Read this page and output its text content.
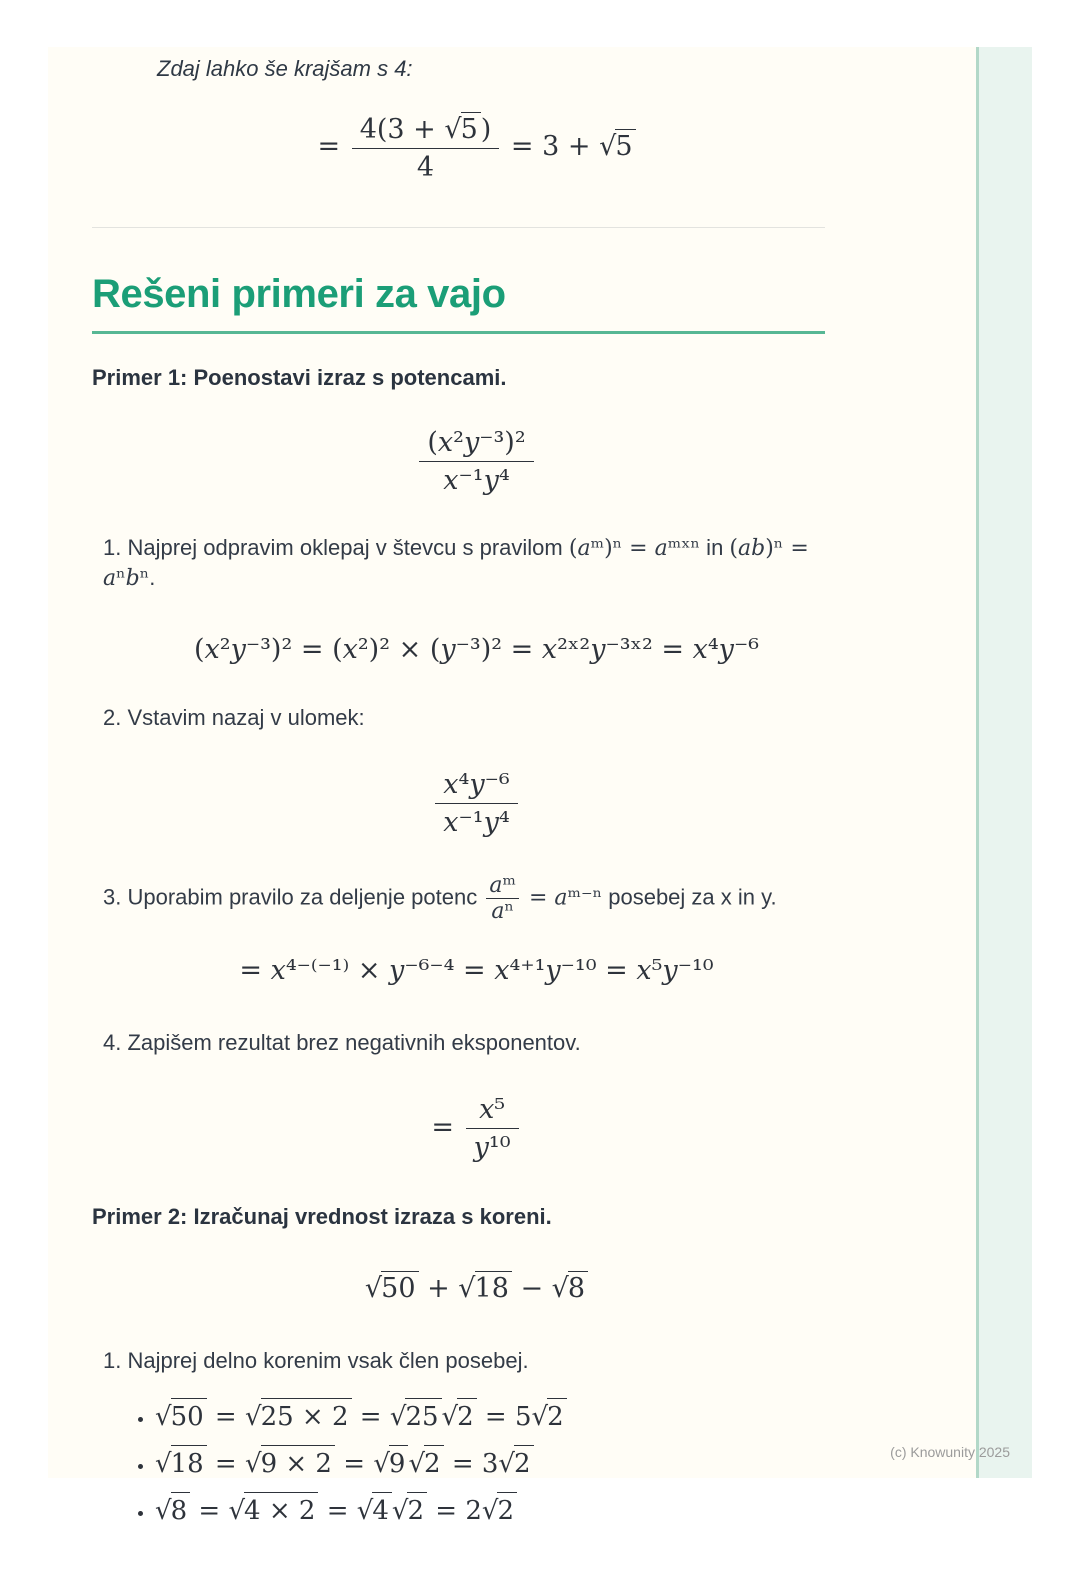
Zdaj lahko še krajšam s 4:

= $\frac{4(3 + √5 )}{4} = 3 + √5$
Rešeni primeri za vajo

Primer 1: Poenostavi izraz s potencami.

$\frac{\text{(x²y⁻³)²}}{\text{x⁻¹y⁴}}$

1. Najprej odpravim oklepaj v števcu s pravilom (aᵐ)ⁿ = aᵐˣⁿ in (ab)ⁿ = aⁿbⁿ.

(x²y⁻³)² = (x²)² × (y⁻³)² = x²ˣ²y⁻³ˣ² = x⁴y⁻⁶

2. Vstavim nazaj v ulomek:

$\frac{\text{x⁴y⁻⁶}}{\text{x⁻¹y⁴}}$

3. Uporabim pravilo za deljenje potenc $\frac{\text{aᵐ}}{\text{aⁿ}}$ = aᵐ⁻ⁿ posebej za x in y.

= x⁴⁻⁽⁻¹⁾ × y⁻⁶⁻⁴ = x⁴⁺¹y⁻¹⁰ = x⁵y⁻¹⁰

4. Zapišem rezultat brez negativnih eksponentov.

= $\frac{\text{x⁵}}{\text{y¹⁰}}$

Primer 2: Izračunaj vrednost izraza s koreni.

√50 + √18 − √8

1. Najprej delno korenim vsak člen posebej.

• √50 = √25 × 2 = √25 √2 = 5√2
• √18 = √9 × 2 = √9 √2 = 3√2
• √8 = √4 × 2 = √4 √2 = 2√2
(c) Knowunity 2025
